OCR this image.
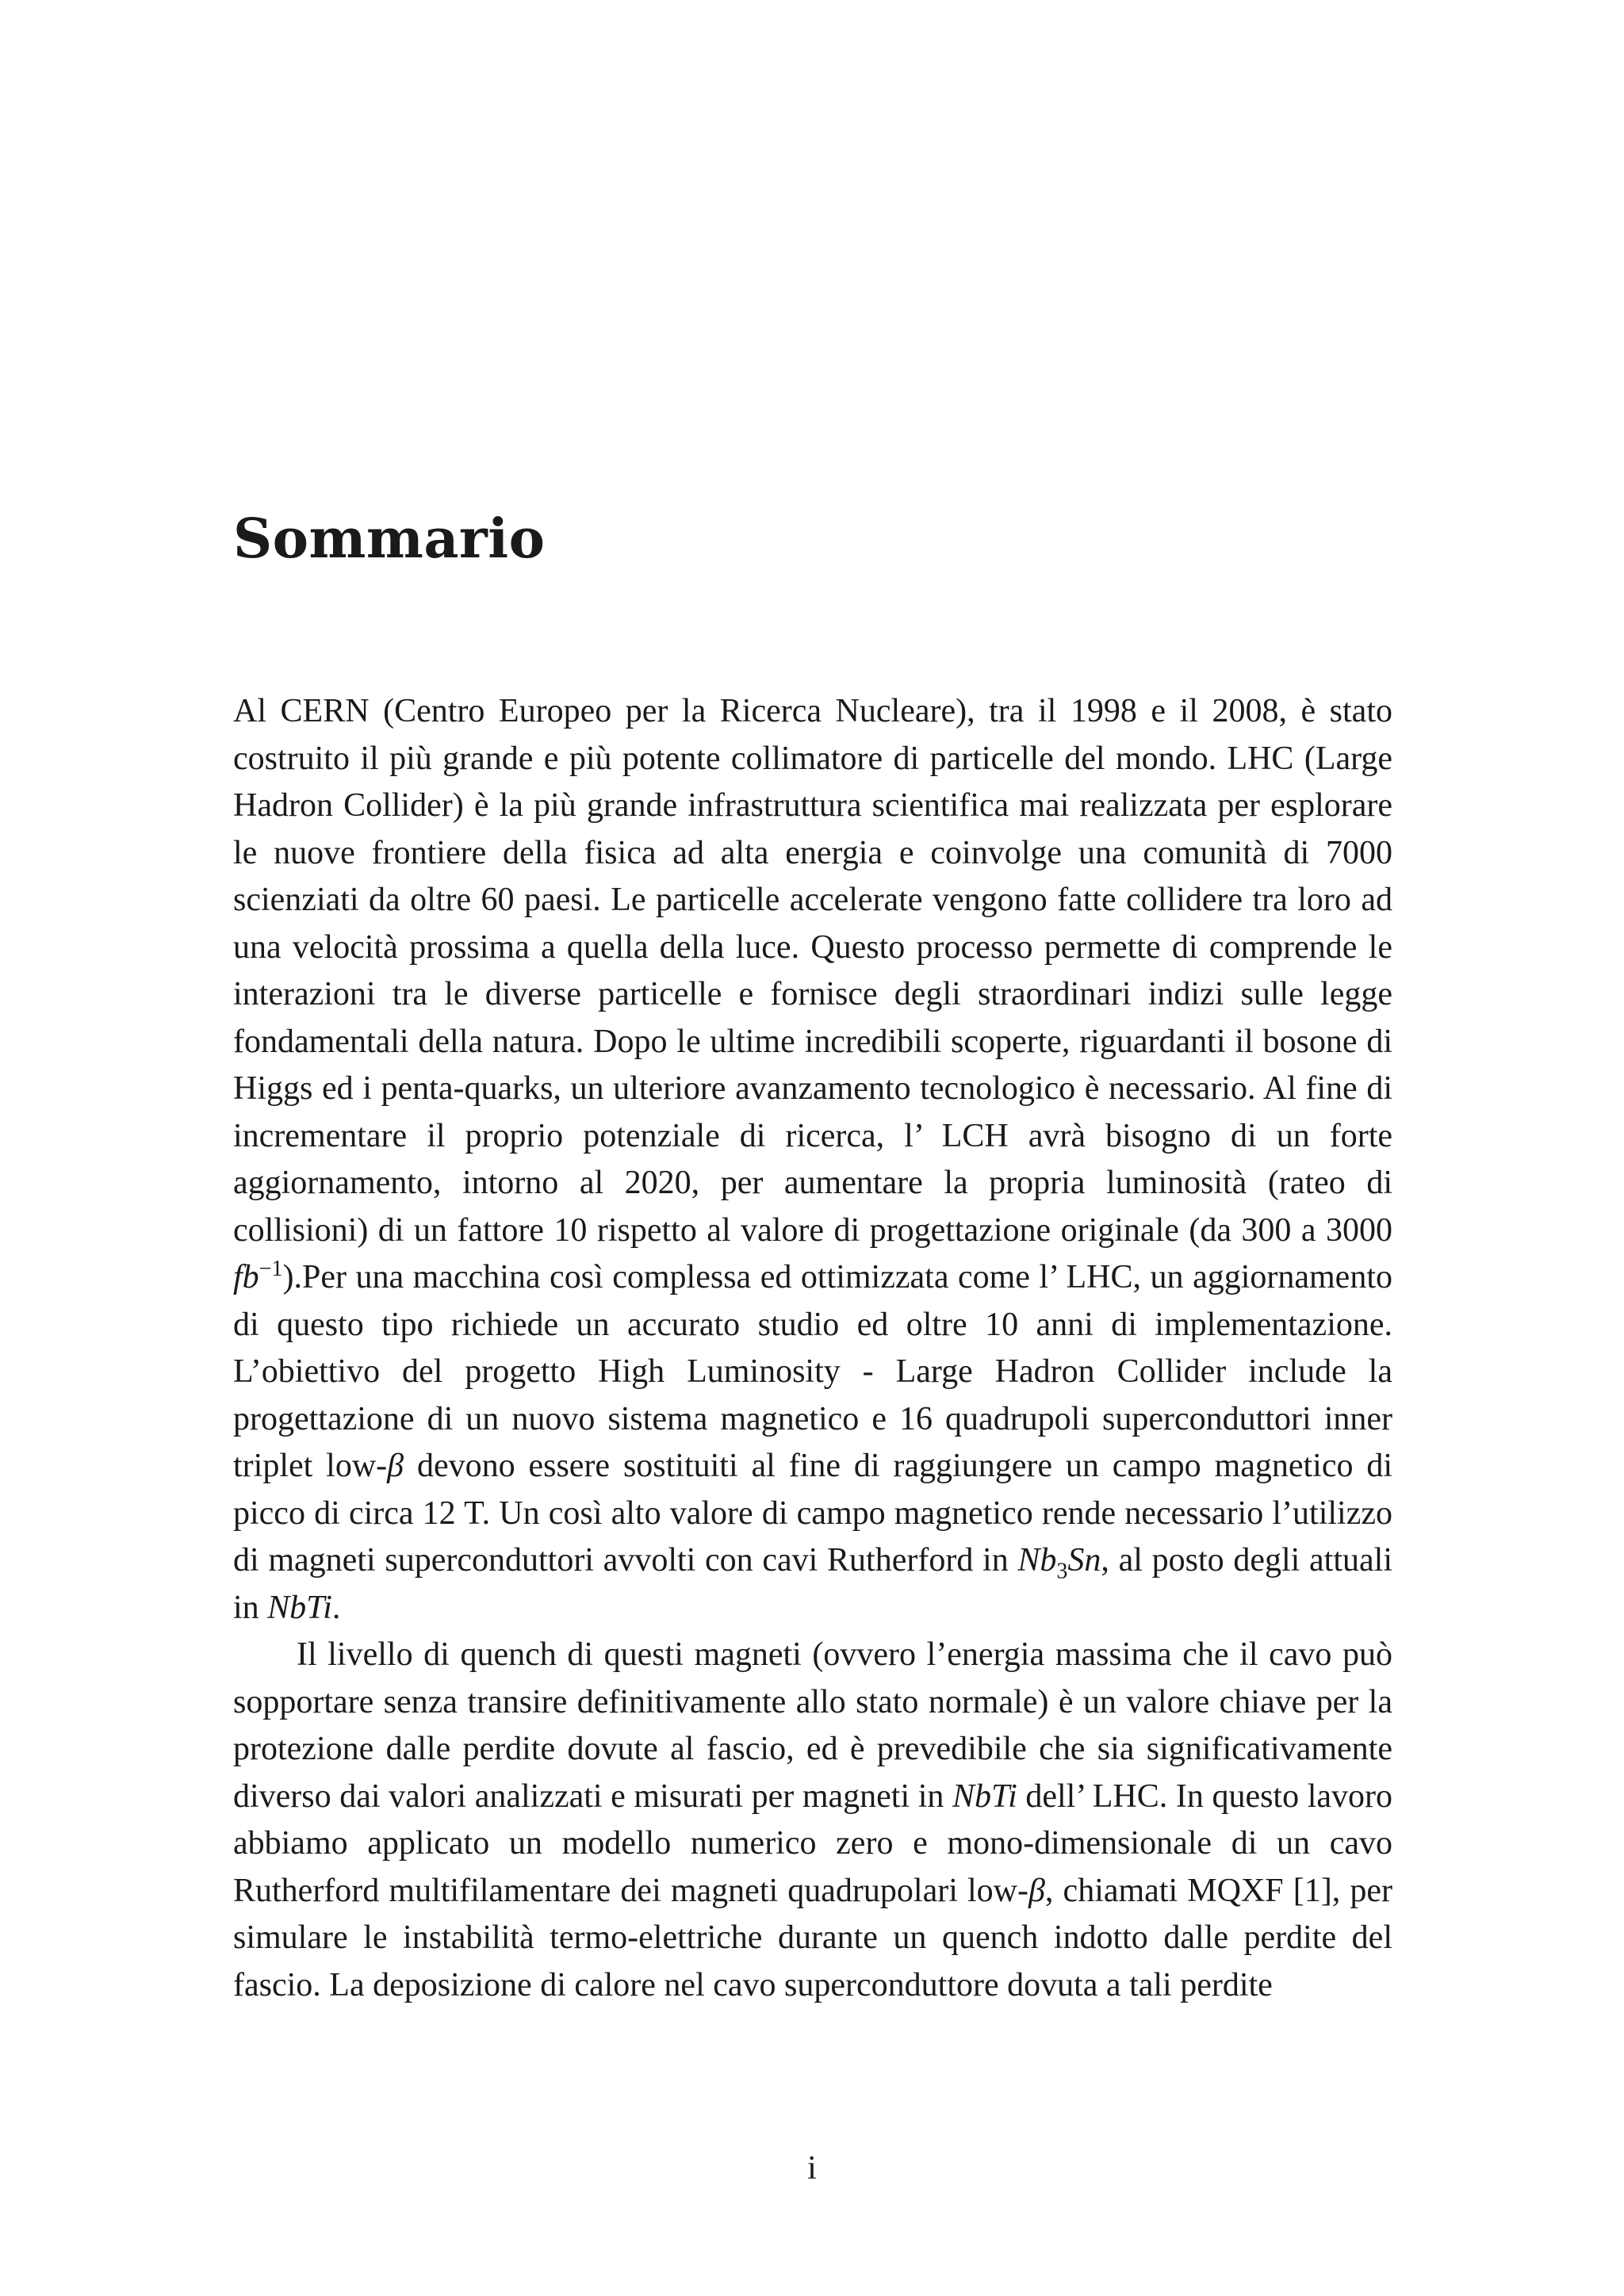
Sommario

Al CERN (Centro Europeo per la Ricerca Nucleare), tra il 1998 e il 2008, è stato costruito il più grande e più potente collimatore di particelle del mondo. LHC (Large Hadron Collider) è la più grande infrastruttura scientifica mai realizzata per esplorare le nuove frontiere della fisica ad alta energia e coinvolge una comunità di 7000 scienziati da oltre 60 paesi. Le particelle accelerate vengono fatte collidere tra loro ad una velocità prossima a quella della luce. Questo processo permette di comprende le interazioni tra le diverse particelle e fornisce degli straordinari indizi sulle legge fondamentali della natura. Dopo le ultime incredibili scoperte, riguardanti il bosone di Higgs ed i penta-quarks, un ulteriore avanzamento tecnologico è necessario. Al fine di incrementare il proprio potenziale di ricerca, l’ LCH avrà bisogno di un forte aggiornamento, intorno al 2020, per aumentare la propria luminosità (rateo di collisioni) di un fattore 10 rispetto al valore di progettazione originale (da 300 a 3000 $fb^{-1}).Per$ una macchina così complessa ed ottimizzata come l’ LHC, un aggiornamento di questo tipo richiede un accurato studio ed oltre 10 anni di implementazione. L’obiettivo del progetto High Luminosity - Large Hadron Collider include la progettazione di un nuovo sistema magnetico e 16 quadrupoli superconduttori inner triplet low-β devono essere sostituiti al fine di raggiungere un campo magnetico di picco di circa 12 T. Un così alto valore di campo magnetico rende necessario l’utilizzo di magneti superconduttori avvolti con cavi Rutherford in $Nb_3Sn$, al posto degli attuali in NbTi.

Il livello di quench di questi magneti (ovvero l’energia massima che il cavo può sopportare senza transire definitivamente allo stato normale) è un valore chiave per la protezione dalle perdite dovute al fascio, ed è prevedibile che sia significativamente diverso dai valori analizzati e misurati per magneti in NbTi dell’ LHC. In questo lavoro abbiamo applicato un modello numerico zero e mono-dimensionale di un cavo Rutherford multifilamentare dei magneti quadrupolari low-β, chiamati MQXF [1], per simulare le instabilità termo-elettriche durante un quench indotto dalle perdite del fascio. La deposizione di calore nel cavo superconduttore dovuta a tali perdite

i
